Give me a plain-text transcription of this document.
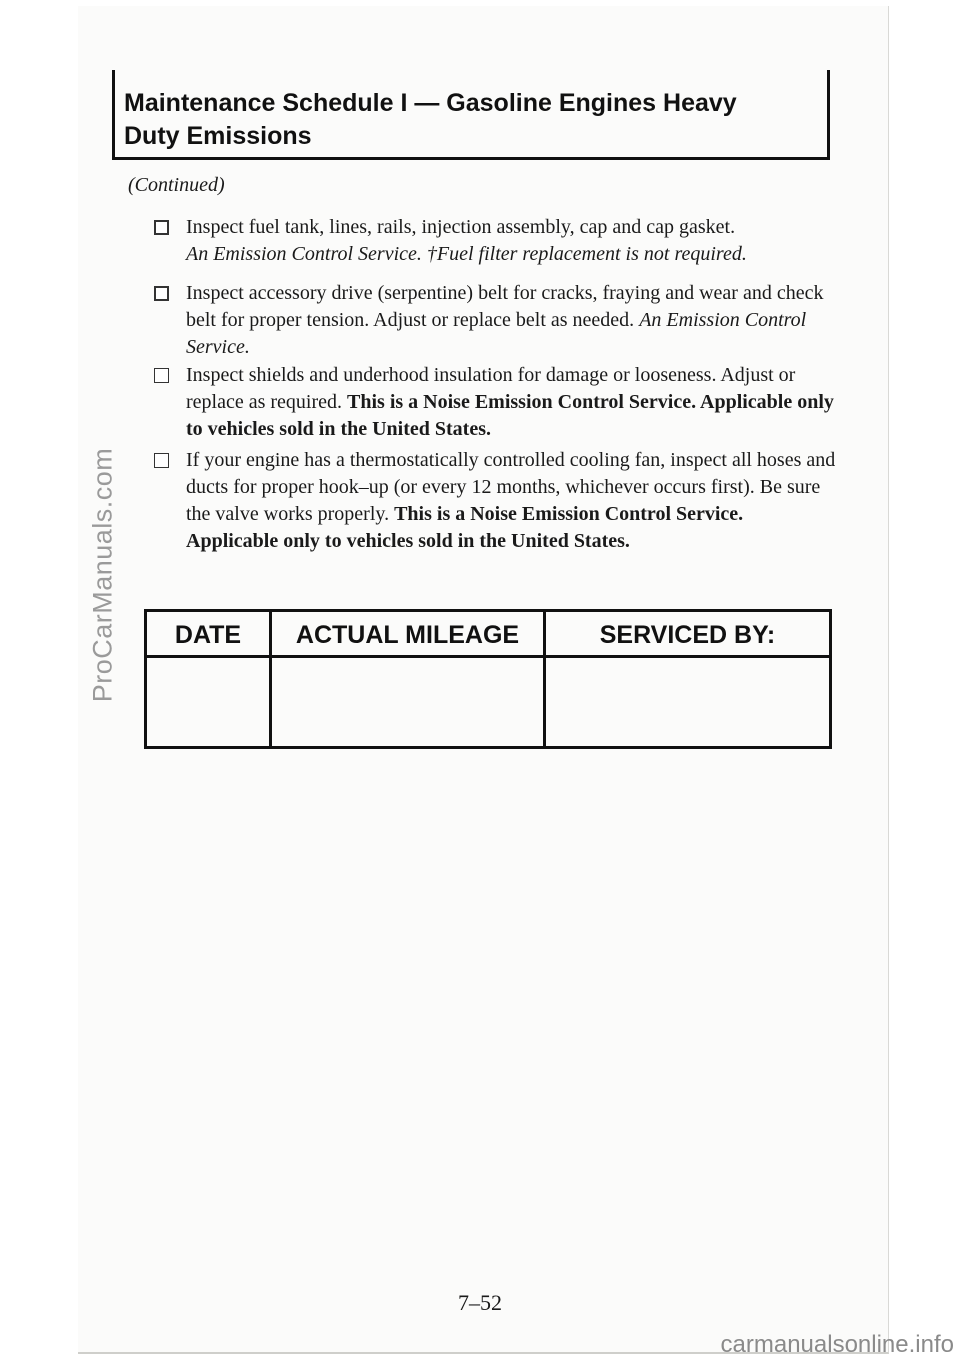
ProCarManuals.com
Maintenance Schedule I — Gasoline Engines Heavy
Duty Emissions
(Continued)
Inspect fuel tank, lines, rails, injection assembly, cap and cap gasket.
An Emission Control Service. †Fuel filter replacement is not required.
Inspect accessory drive (serpentine) belt for cracks, fraying and wear and check belt for proper tension. Adjust or replace belt as needed. An Emission Control Service.
Inspect shields and underhood insulation for damage or looseness. Adjust or replace as required. This is a Noise Emission Control Service. Applicable only to vehicles sold in the United States.
If your engine has a thermostatically controlled cooling fan, inspect all hoses and ducts for proper hook–up (or every 12 months, whichever occurs first). Be sure the valve works properly. This is a Noise Emission Control Service. Applicable only to vehicles sold in the United States.
DATE	ACTUAL MILEAGE	SERVICED BY:
7–52
carmanualsonline.info
